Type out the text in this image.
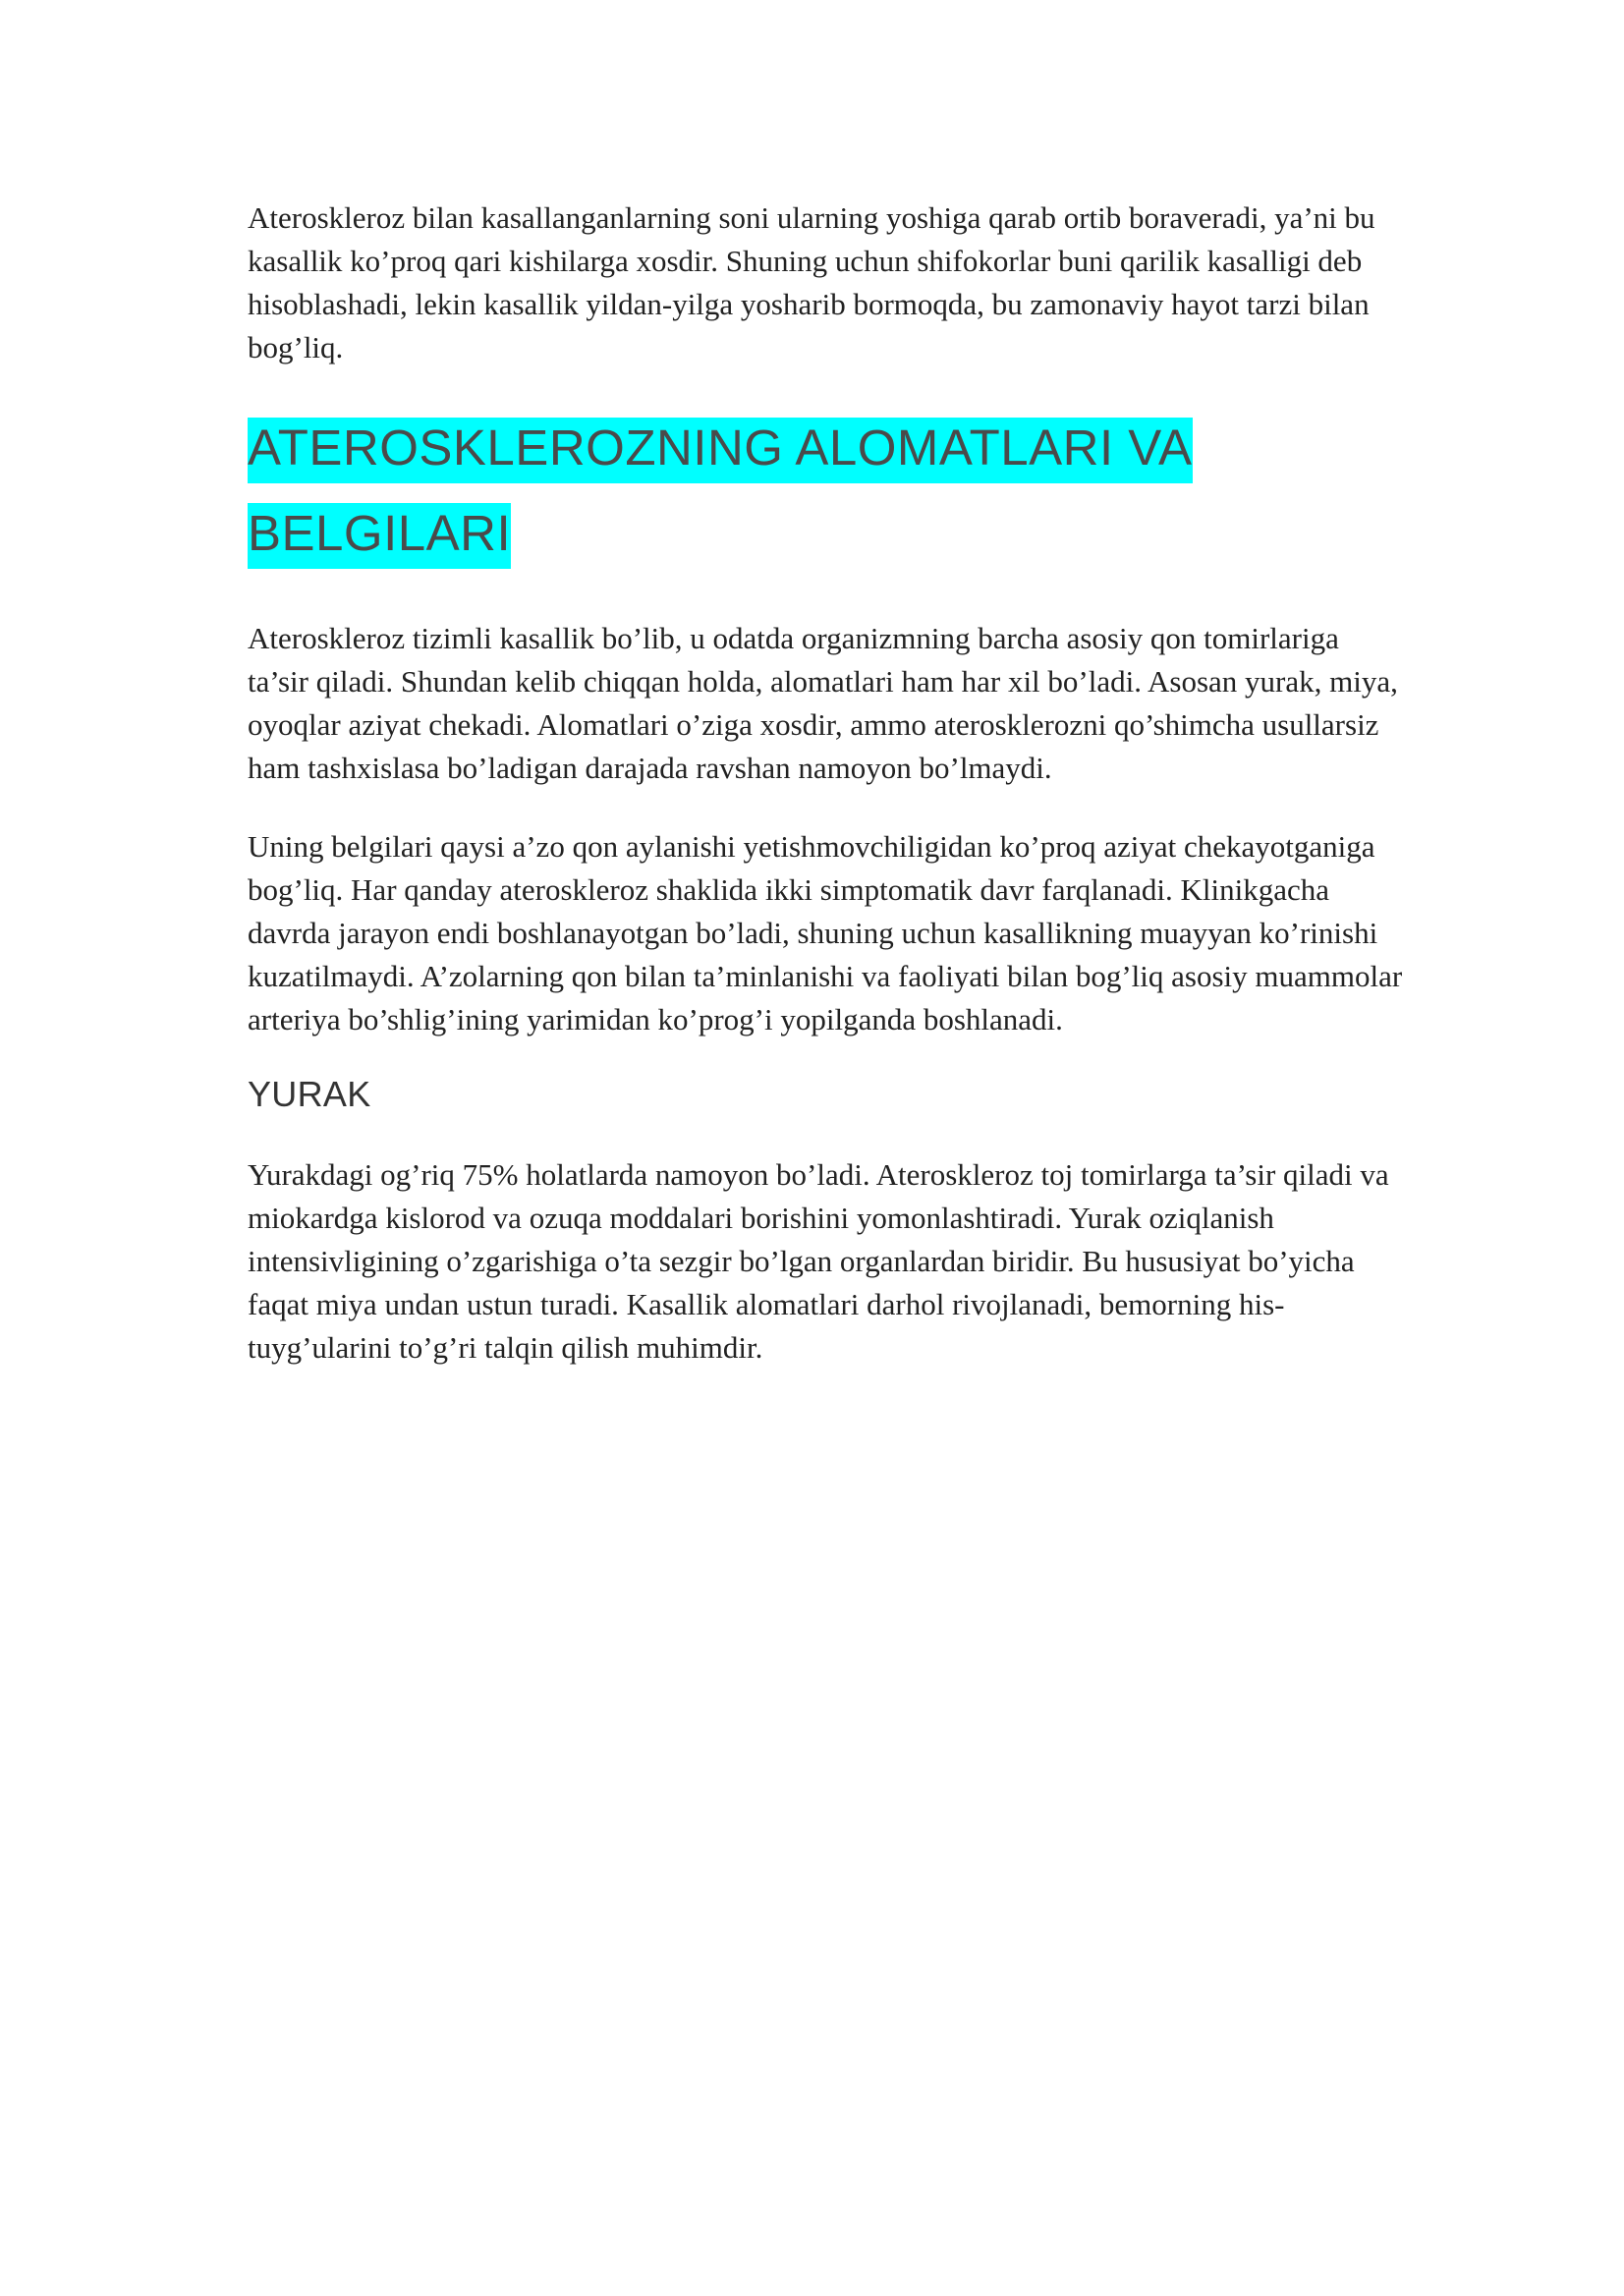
Ateroskleroz bilan kasallanganlarning soni ularning yoshiga qarab ortib boraveradi, ya’ni bu kasallik ko’proq qari kishilarga xosdir. Shuning uchun shifokorlar buni qarilik kasalligi deb hisoblashadi, lekin kasallik yildan-yilga yosharib bormoqda, bu zamonaviy hayot tarzi bilan bog’liq.

ATEROSKLEROZNING ALOMATLARI VA BELGILARI

Ateroskleroz tizimli kasallik bo’lib, u odatda organizmning barcha asosiy qon tomirlariga ta’sir qiladi. Shundan kelib chiqqan holda, alomatlari ham har xil bo’ladi. Asosan yurak, miya, oyoqlar aziyat chekadi. Alomatlari o’ziga xosdir, ammo aterosklerozni qo’shimcha usullarsiz ham tashxislasa bo’ladigan darajada ravshan namoyon bo’lmaydi.

Uning belgilari qaysi a’zo qon aylanishi yetishmovchiligidan ko’proq aziyat chekayotganiga bog’liq. Har qanday ateroskleroz shaklida ikki simptomatik davr farqlanadi. Klinikgacha davrda jarayon endi boshlanayotgan bo’ladi, shuning uchun kasallikning muayyan ko’rinishi kuzatilmaydi. A’zolarning qon bilan ta’minlanishi va faoliyati bilan bog’liq asosiy muammolar arteriya bo’shlig’ining yarimidan ko’prog’i yopilganda boshlanadi.

YURAK

Yurakdagi og’riq 75% holatlarda namoyon bo’ladi. Ateroskleroz toj tomirlarga ta’sir qiladi va miokardga kislorod va ozuqa moddalari borishini yomonlashtiradi. Yurak oziqlanish intensivligining o’zgarishiga o’ta sezgir bo’lgan organlardan biridir. Bu hususiyat bo’yicha faqat miya undan ustun turadi. Kasallik alomatlari darhol rivojlanadi, bemorning his-tuyg’ularini to’g’ri talqin qilish muhimdir.
